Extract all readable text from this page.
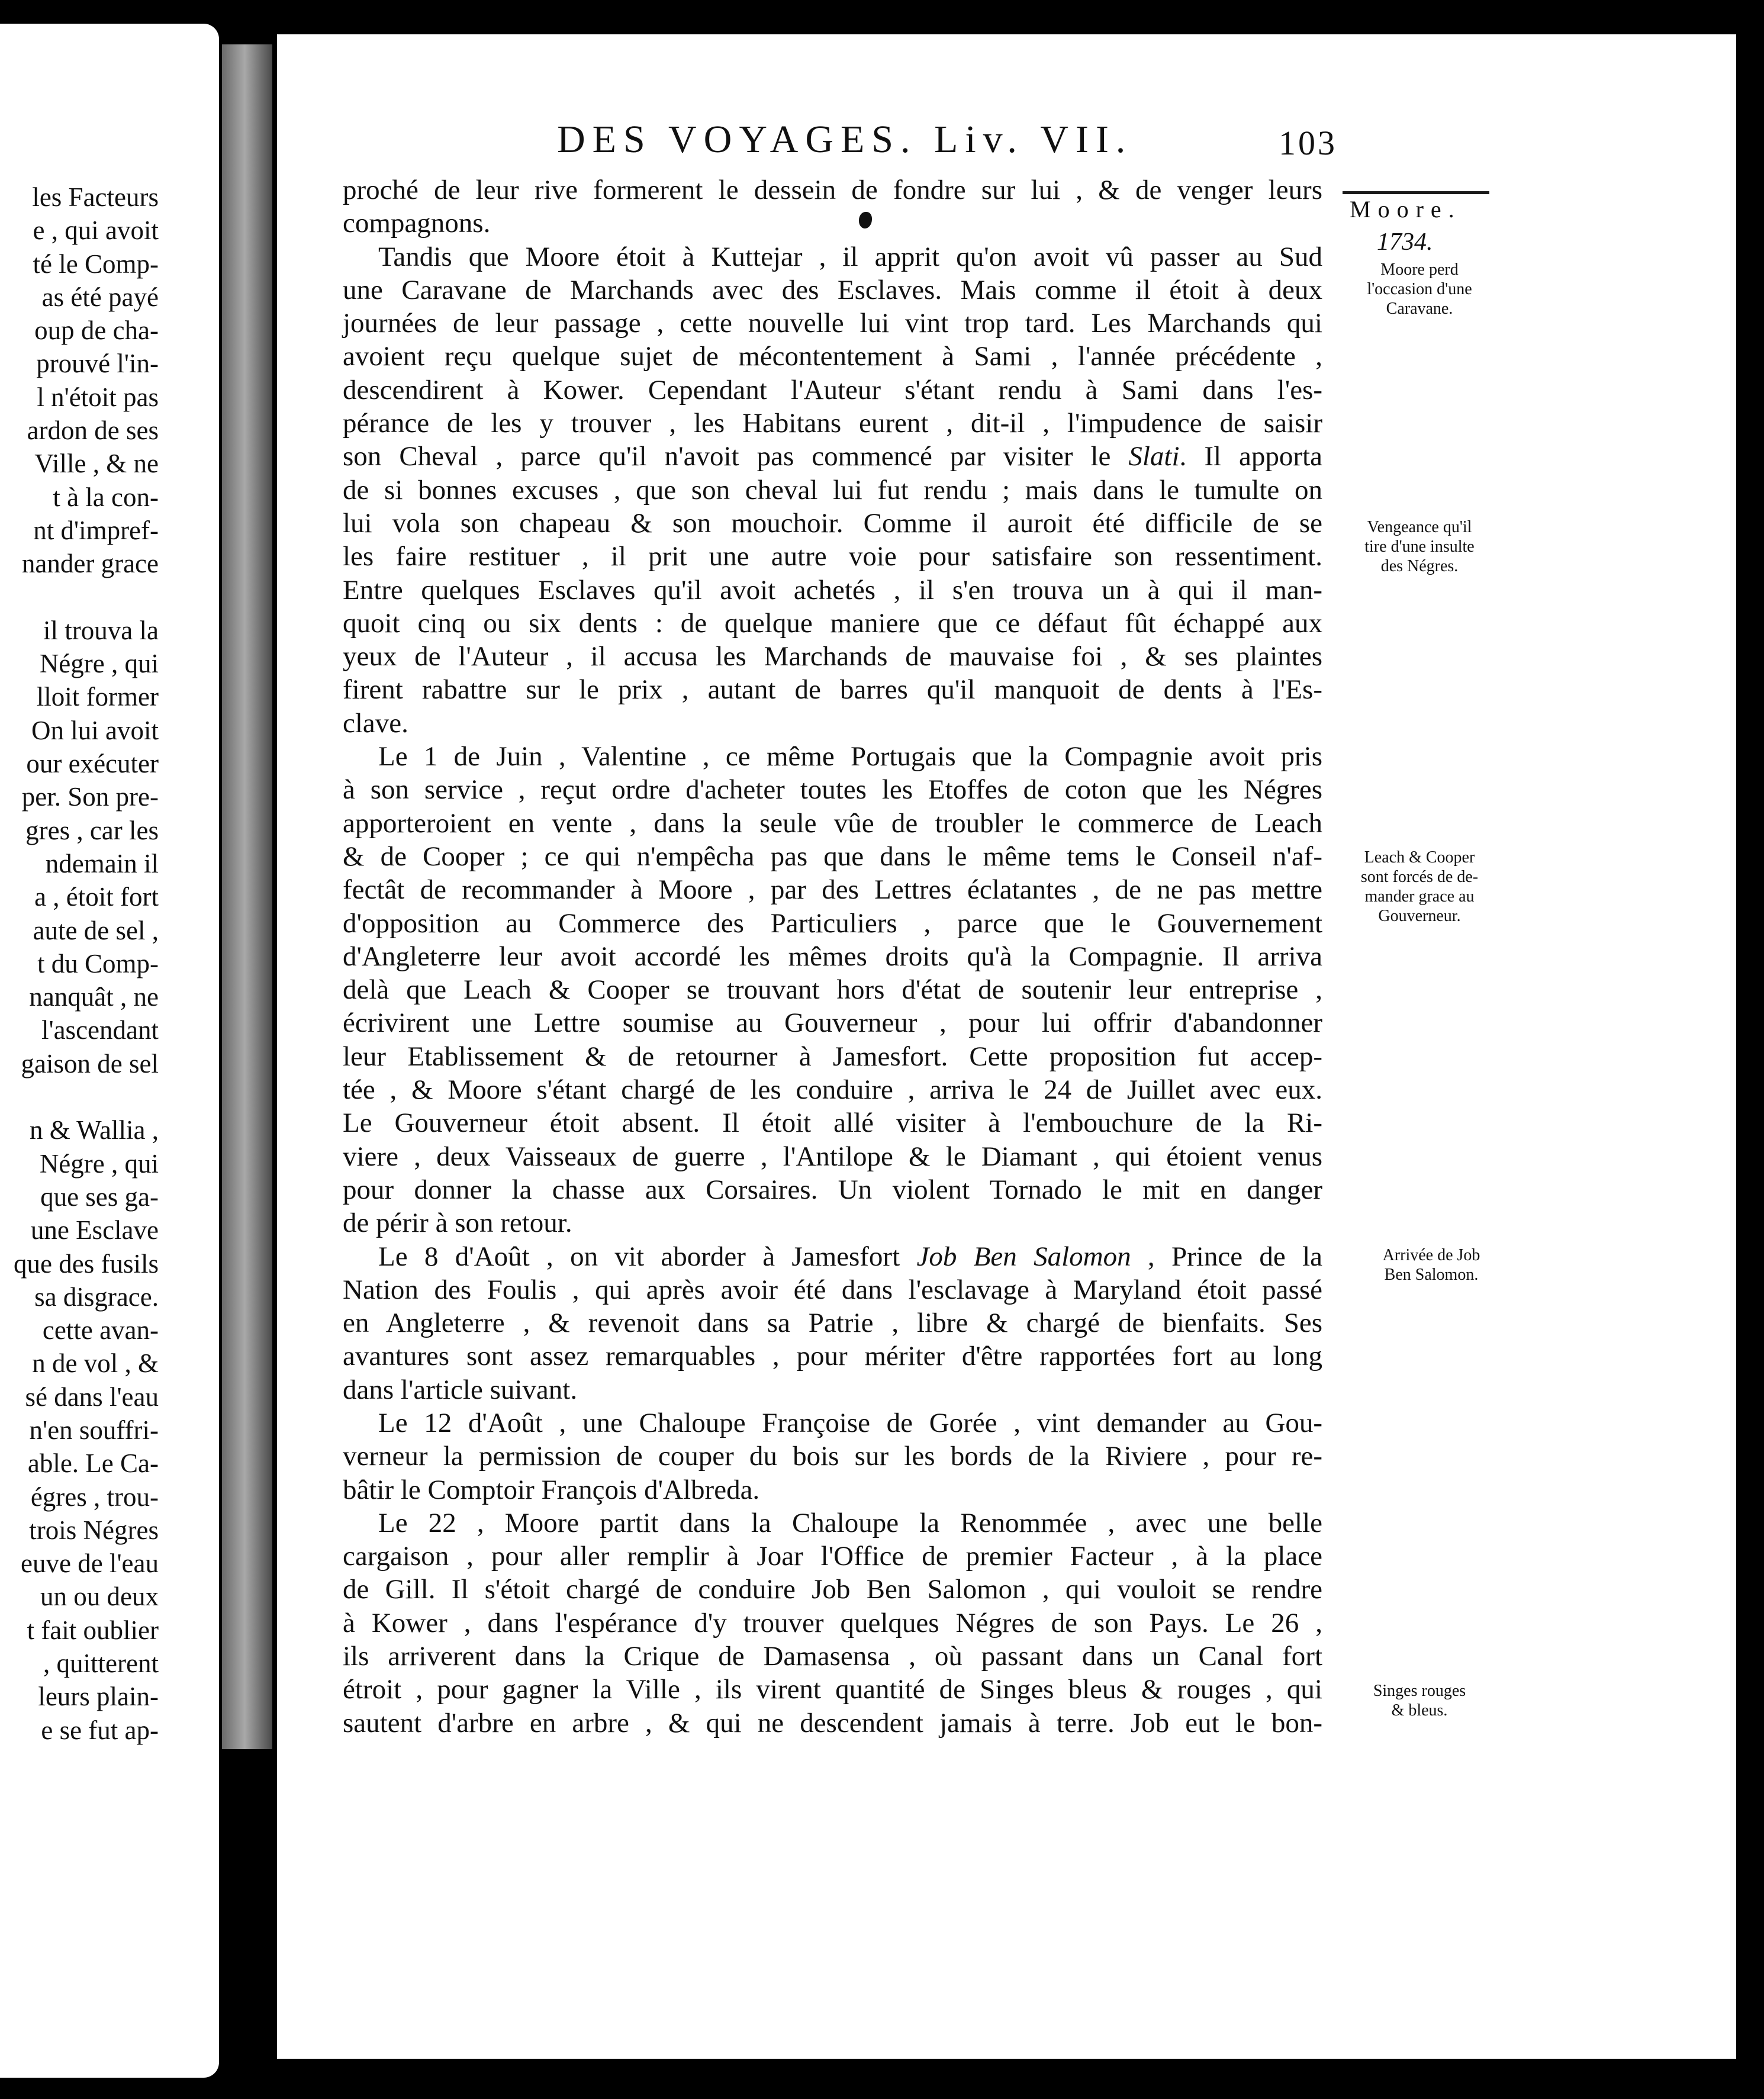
les Facteurs
e , qui avoit
té le Comp-
as été payé
oup de cha-
prouvé l'in-
l n'étoit pas
ardon de ses
Ville , & ne
t à la con-
nt d'impref-
nander grace

il trouva la
Négre , qui
lloit former
On lui avoit
our exécuter
per. Son pre-
gres , car les
ndemain il
a , étoit fort
aute de sel ,
t du Comp-
nanquât , ne
l'ascendant
gaison de sel

n & Wallia ,
Négre , qui
que ses ga-
une Esclave
que des fusils
sa disgrace.
cette avan-
n de vol , &
sé dans l'eau
n'en souffri-
able. Le Ca-
égres , trou-
trois Négres
euve de l'eau
un ou deux
t fait oublier
, quitterent
leurs plain-
e se fut ap-
DES VOYAGES. Liv. VII.	103
proché de leur rive formerent le dessein de fondre sur lui , & de venger leurs
compagnons.
Tandis que Moore étoit à Kuttejar , il apprit qu'on avoit vû passer au Sud
une Caravane de Marchands avec des Esclaves. Mais comme il étoit à deux
journées de leur passage , cette nouvelle lui vint trop tard. Les Marchands qui
avoient reçu quelque sujet de mécontentement à Sami , l'année précédente ,
descendirent à Kower. Cependant l'Auteur s'étant rendu à Sami dans l'es-
pérance de les y trouver , les Habitans eurent , dit-il , l'impudence de saisir
son Cheval , parce qu'il n'avoit pas commencé par visiter le Slati. Il apporta
de si bonnes excuses , que son cheval lui fut rendu ; mais dans le tumulte on
lui vola son chapeau & son mouchoir. Comme il auroit été difficile de se
les faire restituer , il prit une autre voie pour satisfaire son ressentiment.
Entre quelques Esclaves qu'il avoit achetés , il s'en trouva un à qui il man-
quoit cinq ou six dents : de quelque maniere que ce défaut fût échappé aux
yeux de l'Auteur , il accusa les Marchands de mauvaise foi , & ses plaintes
firent rabattre sur le prix , autant de barres qu'il manquoit de dents à l'Es-
clave.
Le 1 de Juin , Valentine , ce même Portugais que la Compagnie avoit pris
à son service , reçut ordre d'acheter toutes les Etoffes de coton que les Négres
apporteroient en vente , dans la seule vûe de troubler le commerce de Leach
& de Cooper ; ce qui n'empêcha pas que dans le même tems le Conseil n'af-
fectât de recommander à Moore , par des Lettres éclatantes , de ne pas mettre
d'opposition au Commerce des Particuliers , parce que le Gouvernement
d'Angleterre leur avoit accordé les mêmes droits qu'à la Compagnie. Il arriva
delà que Leach & Cooper se trouvant hors d'état de soutenir leur entreprise ,
écrivirent une Lettre soumise au Gouverneur , pour lui offrir d'abandonner
leur Etablissement & de retourner à Jamesfort. Cette proposition fut accep-
tée , & Moore s'étant chargé de les conduire , arriva le 24 de Juillet avec eux.
Le Gouverneur étoit absent. Il étoit allé visiter à l'embouchure de la Ri-
viere , deux Vaisseaux de guerre , l'Antilope & le Diamant , qui étoient venus
pour donner la chasse aux Corsaires. Un violent Tornado le mit en danger
de périr à son retour.
Le 8 d'Août , on vit aborder à Jamesfort Job Ben Salomon , Prince de la
Nation des Foulis , qui après avoir été dans l'esclavage à Maryland étoit passé
en Angleterre , & revenoit dans sa Patrie , libre & chargé de bienfaits. Ses
avantures sont assez remarquables , pour mériter d'être rapportées fort au long
dans l'article suivant.
Le 12 d'Août , une Chaloupe Françoise de Gorée , vint demander au Gou-
verneur la permission de couper du bois sur les bords de la Riviere , pour re-
bâtir le Comptoir François d'Albreda.
Le 22 , Moore partit dans la Chaloupe la Renommée , avec une belle
cargaison , pour aller remplir à Joar l'Office de premier Facteur , à la place
de Gill. Il s'étoit chargé de conduire Job Ben Salomon , qui vouloit se rendre
à Kower , dans l'espérance d'y trouver quelques Négres de son Pays. Le 26 ,
ils arriverent dans la Crique de Damasensa , où passant dans un Canal fort
étroit , pour gagner la Ville , ils virent quantité de Singes bleus & rouges , qui
sautent d'arbre en arbre , & qui ne descendent jamais à terre. Job eut le bon-
Moore.
1734.
Moore perd
l'occasion d'une
Caravane.
Vengeance qu'il
tire d'une insulte
des Négres.
Leach & Cooper
sont forcés de de-
mander grace au
Gouverneur.
Arrivée de Job
Ben Salomon.
Singes rouges
& bleus.
